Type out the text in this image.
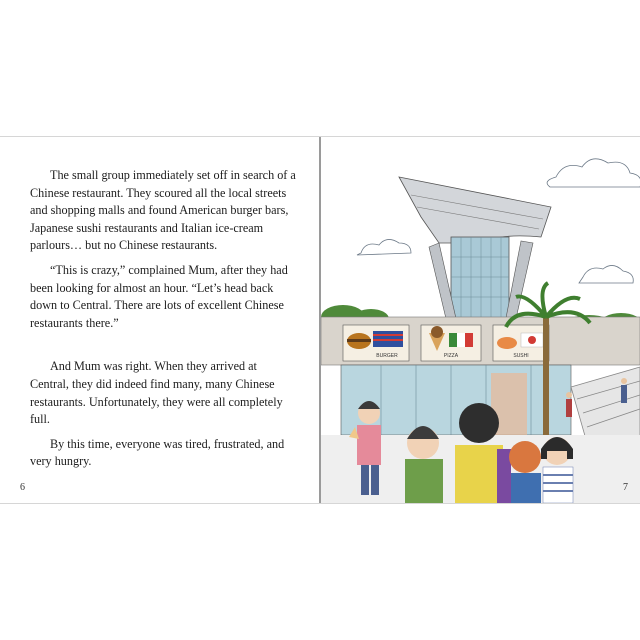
The small group immediately set off in search of a Chinese restaurant. They scoured all the local streets and shopping malls and found American burger bars, Japanese sushi restaurants and Italian ice-cream parlours… but no Chinese restaurants.

“This is crazy,” complained Mum, after they had been looking for almost an hour. “Let’s head back down to Central. There are lots of excellent Chinese restaurants there.”

And Mum was right. When they arrived at Central, they did indeed find many, many Chinese restaurants. Unfortunately, they were all completely full.

By this time, everyone was tired, frustrated, and very hungry.

6
BURGER	PIZZA	SUSHI
7
